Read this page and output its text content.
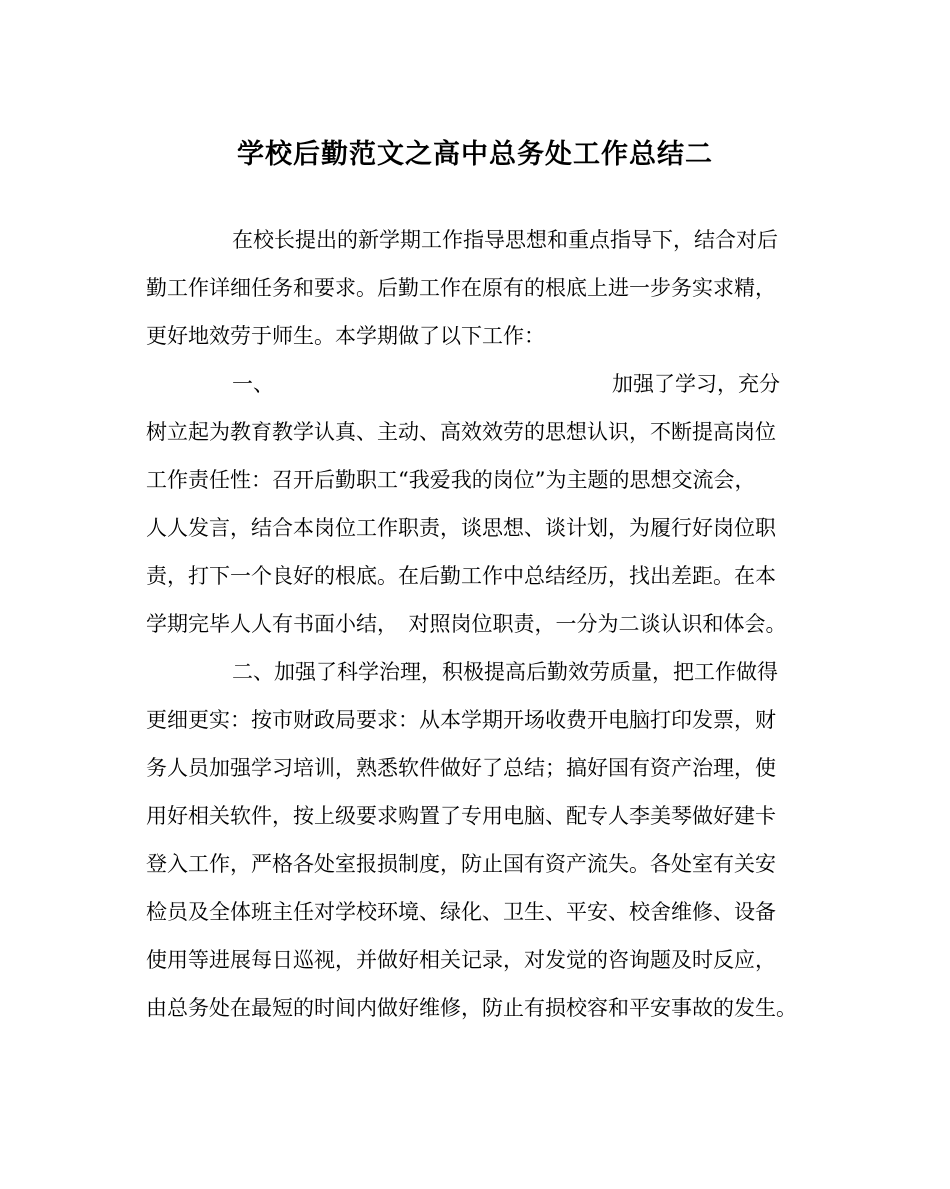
学校后勤范文之高中总务处工作总结二
在校长提出的新学期工作指导思想和重点指导下，结合对后
勤工作详细任务和要求。后勤工作在原有的根底上进一步务实求精，
更好地效劳于师生。本学期做了以下工作：
一、	加强了学习，充分
树立起为教育教学认真、主动、高效效劳的思想认识，不断提高岗位
工作责任性：召开后勤职工“我爱我的岗位”为主题的思想交流会，
人人发言，结合本岗位工作职责，谈思想、谈计划，为履行好岗位职
责，打下一个良好的根底。在后勤工作中总结经历，找出差距。在本
学期完毕人人有书面小结，　对照岗位职责，一分为二谈认识和体会。
二、加强了科学治理，积极提高后勤效劳质量，把工作做得
更细更实：按市财政局要求：从本学期开场收费开电脑打印发票，财
务人员加强学习培训，熟悉软件做好了总结；搞好国有资产治理，使
用好相关软件，按上级要求购置了专用电脑、配专人李美琴做好建卡
登入工作，严格各处室报损制度，防止国有资产流失。各处室有关安
检员及全体班主任对学校环境、绿化、卫生、平安、校舍维修、设备
使用等进展每日巡视，并做好相关记录，对发觉的咨询题及时反应，
由总务处在最短的时间内做好维修，防止有损校容和平安事故的发生。
